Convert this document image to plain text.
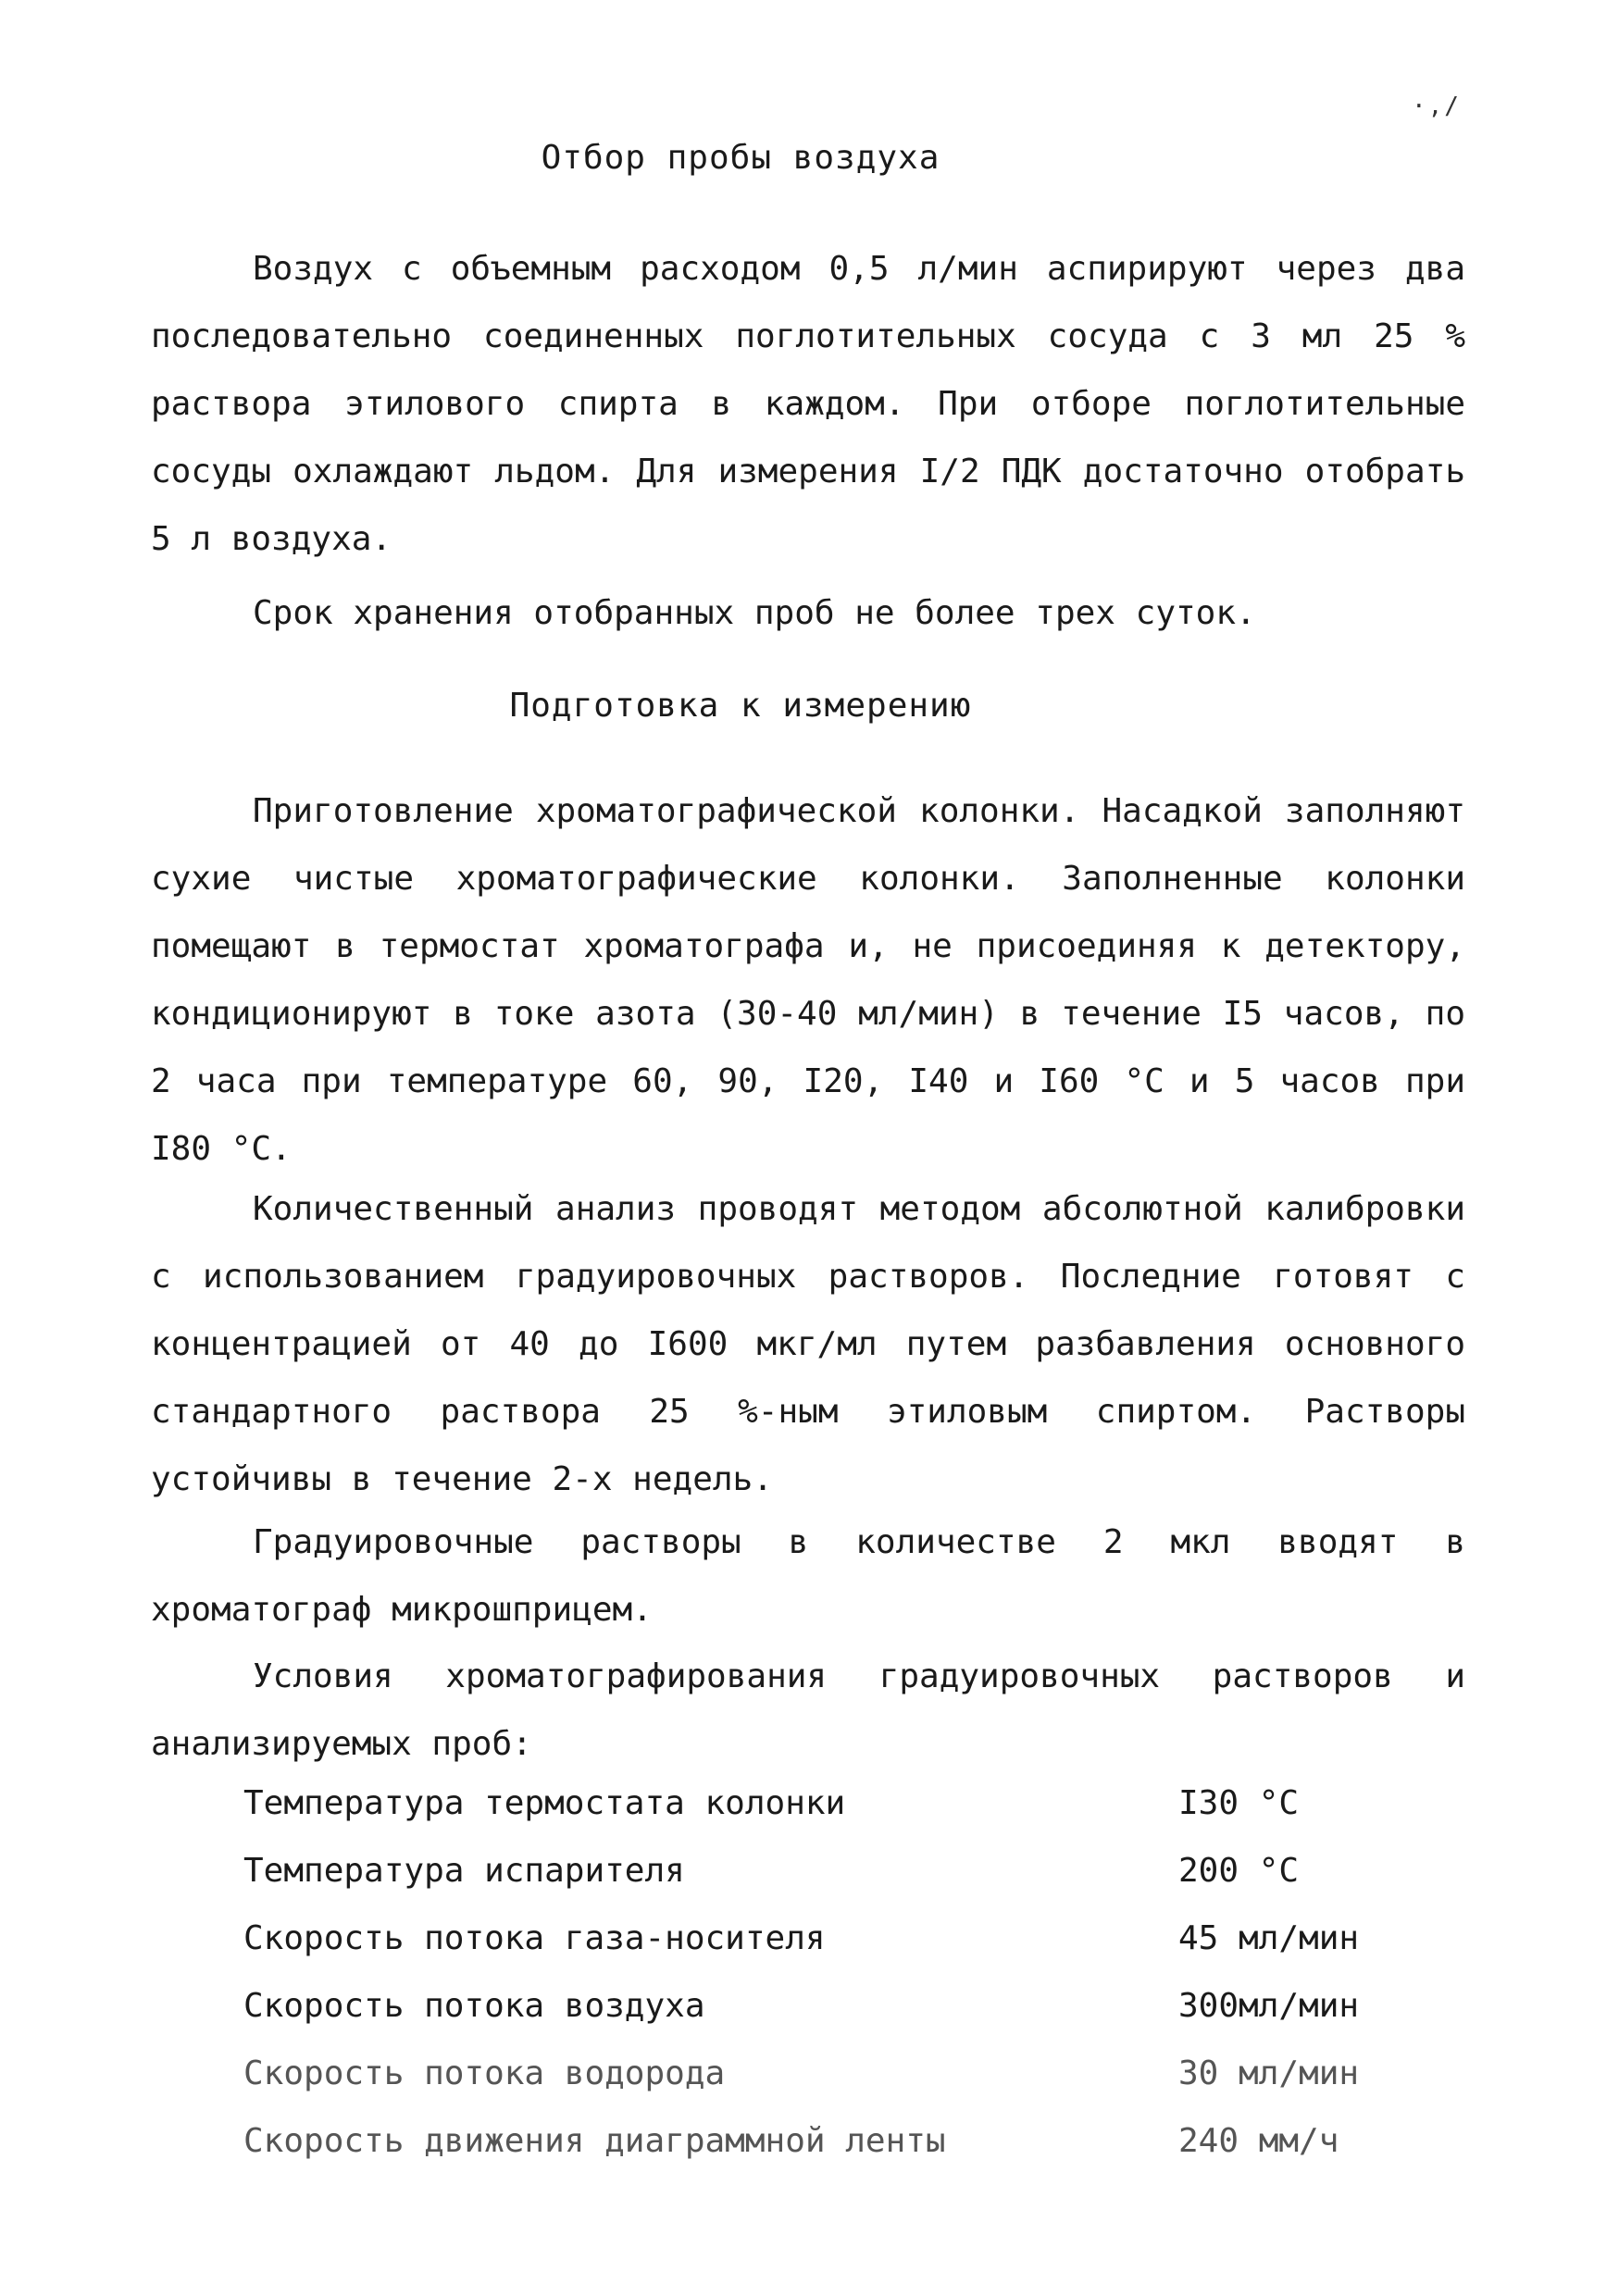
·,/
Отбор пробы воздуха
Воздух с объемным расходом 0,5 л/мин аспирируют через два последовательно соединенных поглотительных сосуда с 3 мл 25 % раствора этилового спирта в каждом. При отборе поглотительные сосуды охлаждают льдом. Для измерения I/2 ПДК достаточно отобрать 5 л воздуха.
Срок хранения отобранных проб не более трех суток.
Подготовка к измерению
Приготовление хроматографической колонки. Насадкой заполняют сухие чистые хроматографические колонки. Заполненные колонки помещают в термостат хроматографа и, не присоединяя к детектору, кондиционируют в токе азота (30-40 мл/мин) в течение I5 часов, по 2 часа при температуре 60, 90, I20, I40 и I60 °С и 5 часов при I80 °С.
Количественный анализ проводят методом абсолютной калибровки с использованием градуировочных растворов. Последние готовят с концентрацией от 40 до I600 мкг/мл путем разбавления основного стандартного раствора 25 %-ным этиловым спиртом. Растворы устойчивы в течение 2-х недель.
Градуировочные растворы в количестве 2 мкл вводят в хроматограф микрошприцем.
Условия хроматографирования градуировочных растворов и анализируемых проб:
Температура термостата колонки	I30 °С
Температура испарителя	200 °С
Скорость потока газа-носителя	45 мл/мин
Скорость потока воздуха	300мл/мин
Скорость потока водорода	30 мл/мин
Скорость движения диаграммной ленты	240 мм/ч
